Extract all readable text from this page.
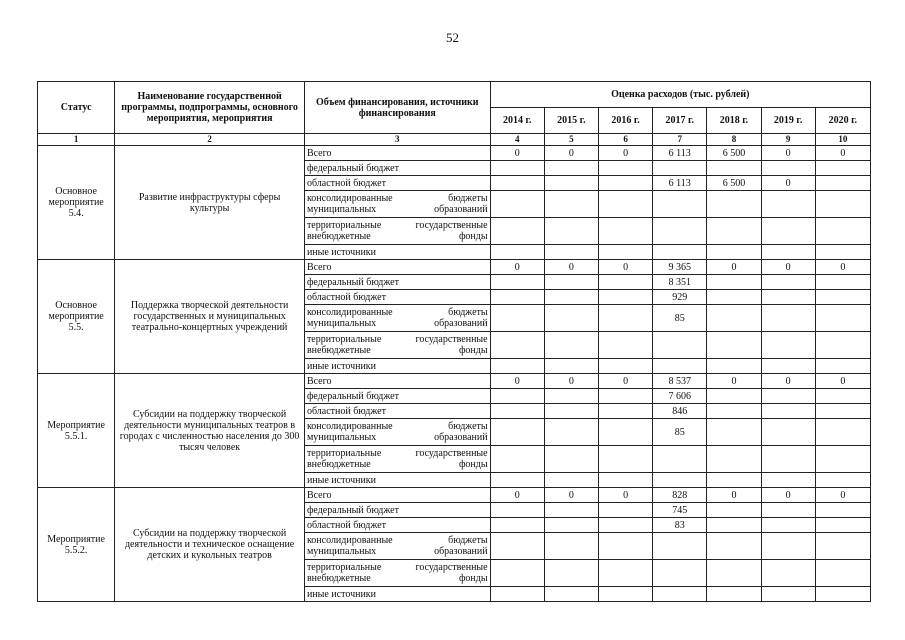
52
Статус	Наименование государственной программы, подпрограммы, основного мероприятия, мероприятия	Объем финансирования, источники финансирования	Оценка расходов (тыс. рублей)						
			2014 г.	2015 г.	2016 г.	2017 г.	2018 г.	2019 г.	2020 г.
1	2	3	4	5	6	7	8	9	10
Основное мероприятие 5.4.	Развитие инфраструктуры сферы культуры	Всего	0	0	0	6 113	6 500	0	0
		федеральный бюджет							
		областной бюджет				6 113	6 500	0	
		консолидированные бюджеты муниципальных образований							
		территориальные государственные внебюджетные фонды							
		иные источники							
Основное мероприятие 5.5.	Поддержка творческой деятельности государственных и муниципальных театрально-концертных учреждений	Всего	0	0	0	9 365	0	0	0
		федеральный бюджет				8 351			
		областной бюджет				929			
		консолидированные бюджеты муниципальных образований				85			
		территориальные государственные внебюджетные фонды							
		иные источники							
Мероприятие 5.5.1.	Субсидии на поддержку творческой деятельности муниципальных театров в городах с численностью населения до 300 тысяч человек	Всего	0	0	0	8 537	0	0	0
		федеральный бюджет				7 606			
		областной бюджет				846			
		консолидированные бюджеты муниципальных образований				85			
		территориальные государственные внебюджетные фонды							
		иные источники							
Мероприятие 5.5.2.	Субсидии на поддержку творческой деятельности и техническое оснащение детских и кукольных театров	Всего	0	0	0	828	0	0	0
		федеральный бюджет				745			
		областной бюджет				83			
		консолидированные бюджеты муниципальных образований							
		территориальные государственные внебюджетные фонды							
		иные источники							
